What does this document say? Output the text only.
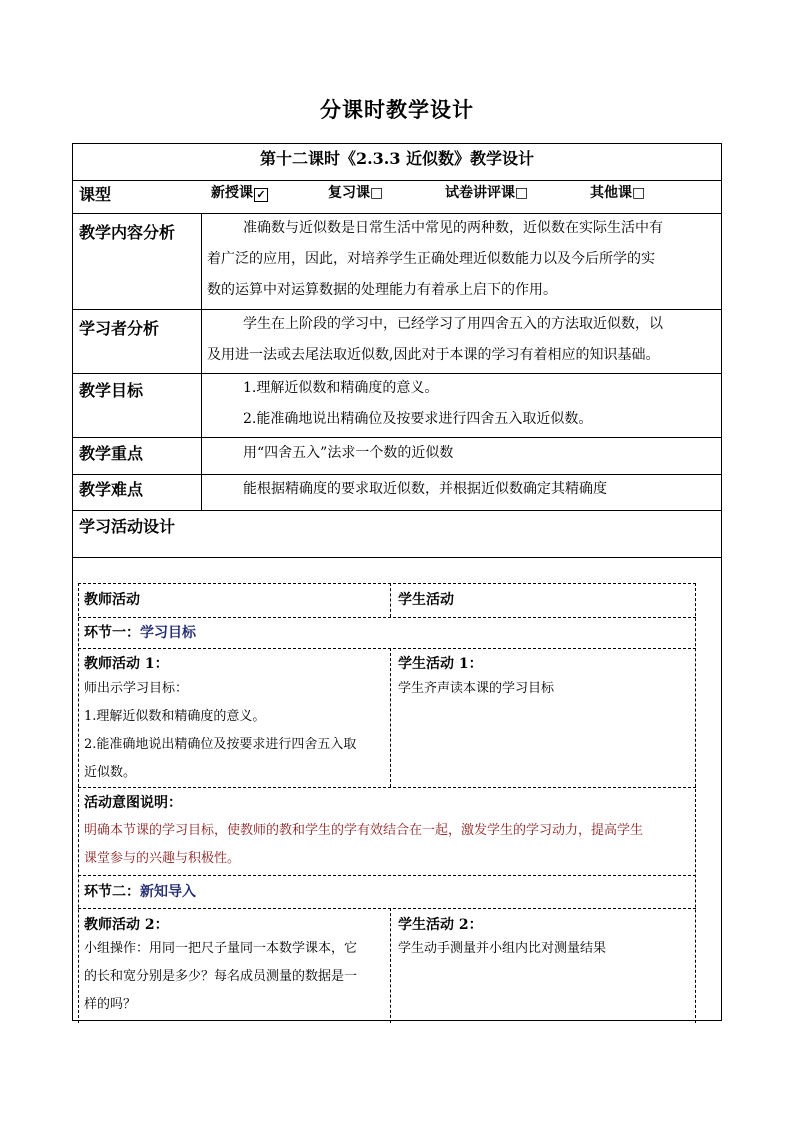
分课时教学设计
第十二课时《2.3.3 近似数》教学设计
课型	新授课 ✓	复习课□	试卷讲评课□	其他课□
教学内容分析	准确数与近似数是日常生活中常见的两种数，近似数在实际生活中有
着广泛的应用，因此，对培养学生正确处理近似数能力以及今后所学的实
数的运算中对运算数据的处理能力有着承上启下的作用。
学习者分析	学生在上阶段的学习中，已经学习了用四舍五入的方法取近似数，以
及用进一法或去尾法取近似数,因此对于本课的学习有着相应的知识基础。
教学目标	1.理解近似数和精确度的意义。
2.能准确地说出精确位及按要求进行四舍五入取近似数。
教学重点	用“四舍五入”法求一个数的近似数
教学难点	能根据精确度的要求取近似数，并根据近似数确定其精确度
学习活动设计
教师活动	学生活动
环节一：学习目标
教师活动 1：
师出示学习目标：
1.理解近似数和精确度的意义。
2.能准确地说出精确位及按要求进行四舍五入取
近似数。
学生活动 1：
学生齐声读本课的学习目标
活动意图说明：
明确本节课的学习目标，使教师的教和学生的学有效结合在一起，激发学生的学习动力，提高学生
课堂参与的兴趣与积极性。
环节二：新知导入
教师活动 2：
小组操作：用同一把尺子量同一本数学课本，它
的长和宽分别是多少？每名成员测量的数据是一
样的吗？
学生活动 2：
学生动手测量并小组内比对测量结果
